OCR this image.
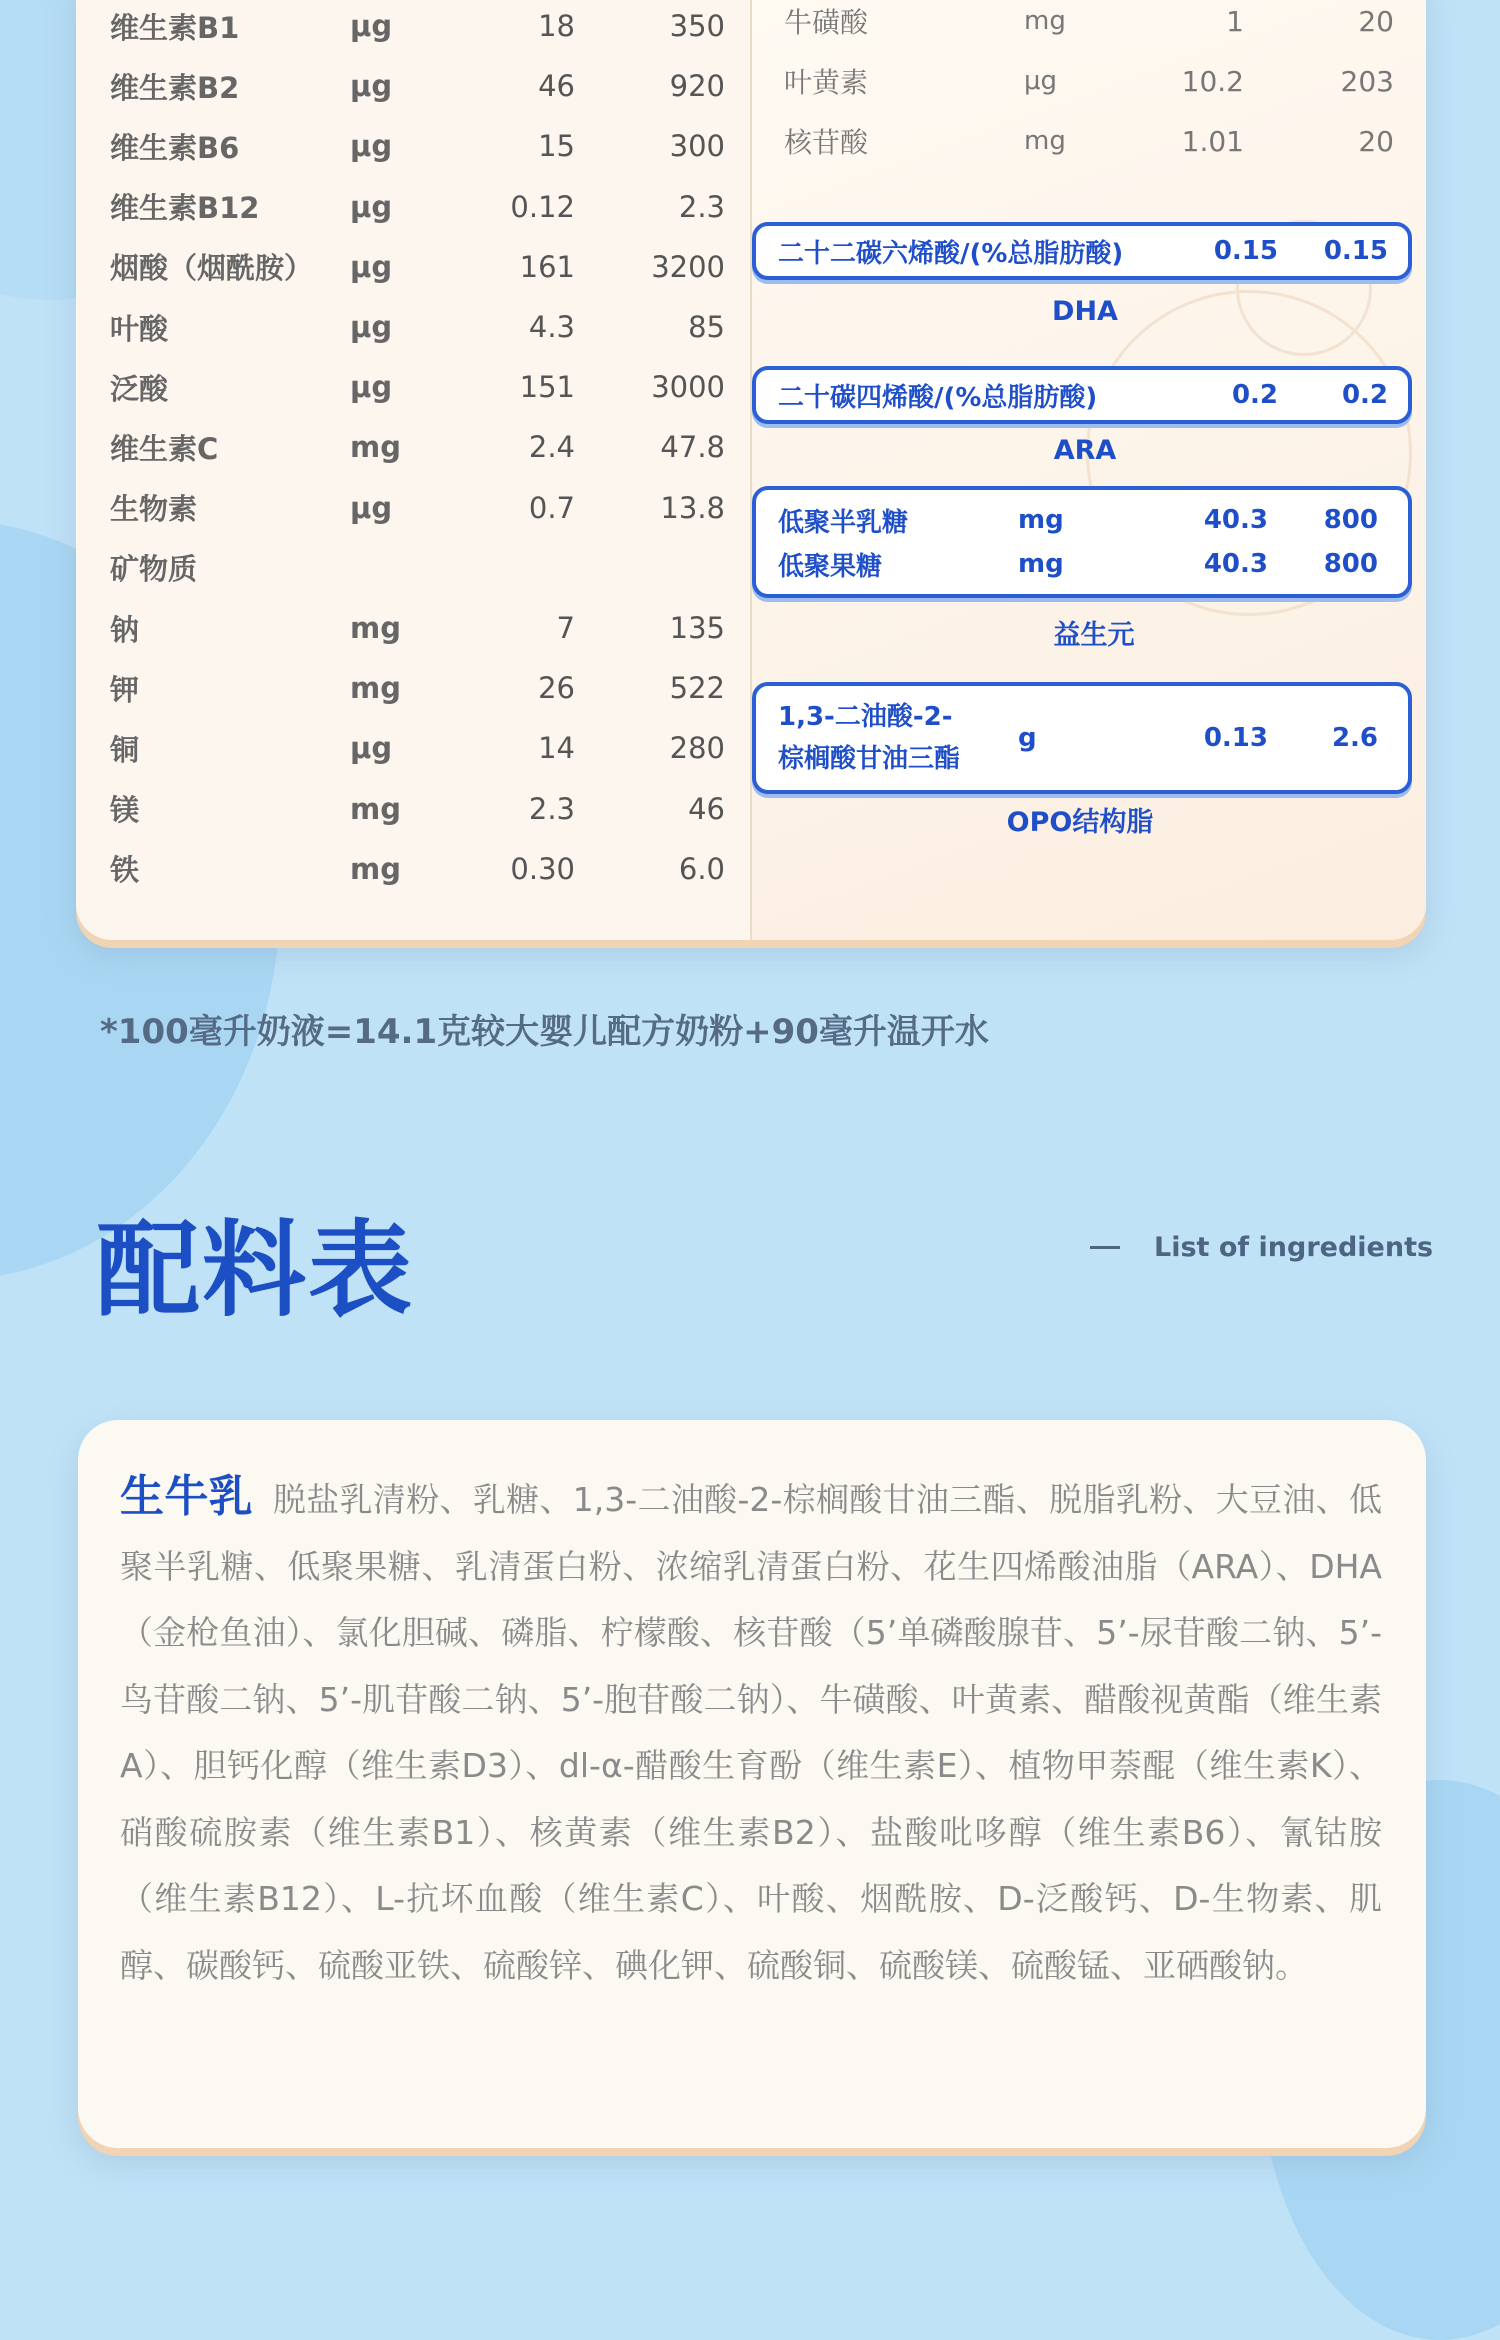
维生素B1	μg	18	350
维生素B2	μg	46	920
维生素B6	μg	15	300
维生素B12	μg	0.12	2.3
烟酸（烟酰胺）	μg	161	3200
叶酸	μg	4.3	85
泛酸	μg	151	3000
维生素C	mg	2.4	47.8
生物素	μg	0.7	13.8
矿物质
钠	mg	7	135
钾	mg	26	522
铜	μg	14	280
镁	mg	2.3	46
铁	mg	0.30	6.0
牛磺酸	mg	1	20
叶黄素	μg	10.2	203
核苷酸	mg	1.01	20
二十二碳六烯酸/(%总脂肪酸)	0.15	0.15
DHA
二十碳四烯酸/(%总脂肪酸)	0.2	0.2
ARA
低聚半乳糖	mg	40.3	800
低聚果糖	mg	40.3	800
益生元
1,3-二油酸-2-
棕榈酸甘油三酯
g	0.13	2.6
OPO结构脂
*100毫升奶液=14.1克较大婴儿配方奶粉+90毫升温开水
配料表	List of ingredients
生牛乳 脱盐乳清粉、乳糖、1,3-二油酸-2-棕榈酸甘油三酯、脱脂乳粉、大豆油、低聚半乳糖、低聚果糖、乳清蛋白粉、浓缩乳清蛋白粉、花生四烯酸油脂（ARA）、DHA（金枪鱼油）、氯化胆碱、磷脂、柠檬酸、核苷酸（5’单磷酸腺苷、5’-尿苷酸二钠、5’-鸟苷酸二钠、5’-肌苷酸二钠、5’-胞苷酸二钠）、牛磺酸、叶黄素、醋酸视黄酯（维生素A）、胆钙化醇（维生素D3）、dl-α-醋酸生育酚（维生素E）、植物甲萘醌（维生素K）、硝酸硫胺素（维生素B1）、核黄素（维生素B2）、盐酸吡哆醇（维生素B6）、氰钴胺（维生素B12）、L-抗坏血酸（维生素C）、叶酸、烟酰胺、D-泛酸钙、D-生物素、肌醇、碳酸钙、硫酸亚铁、硫酸锌、碘化钾、硫酸铜、硫酸镁、硫酸锰、亚硒酸钠。
